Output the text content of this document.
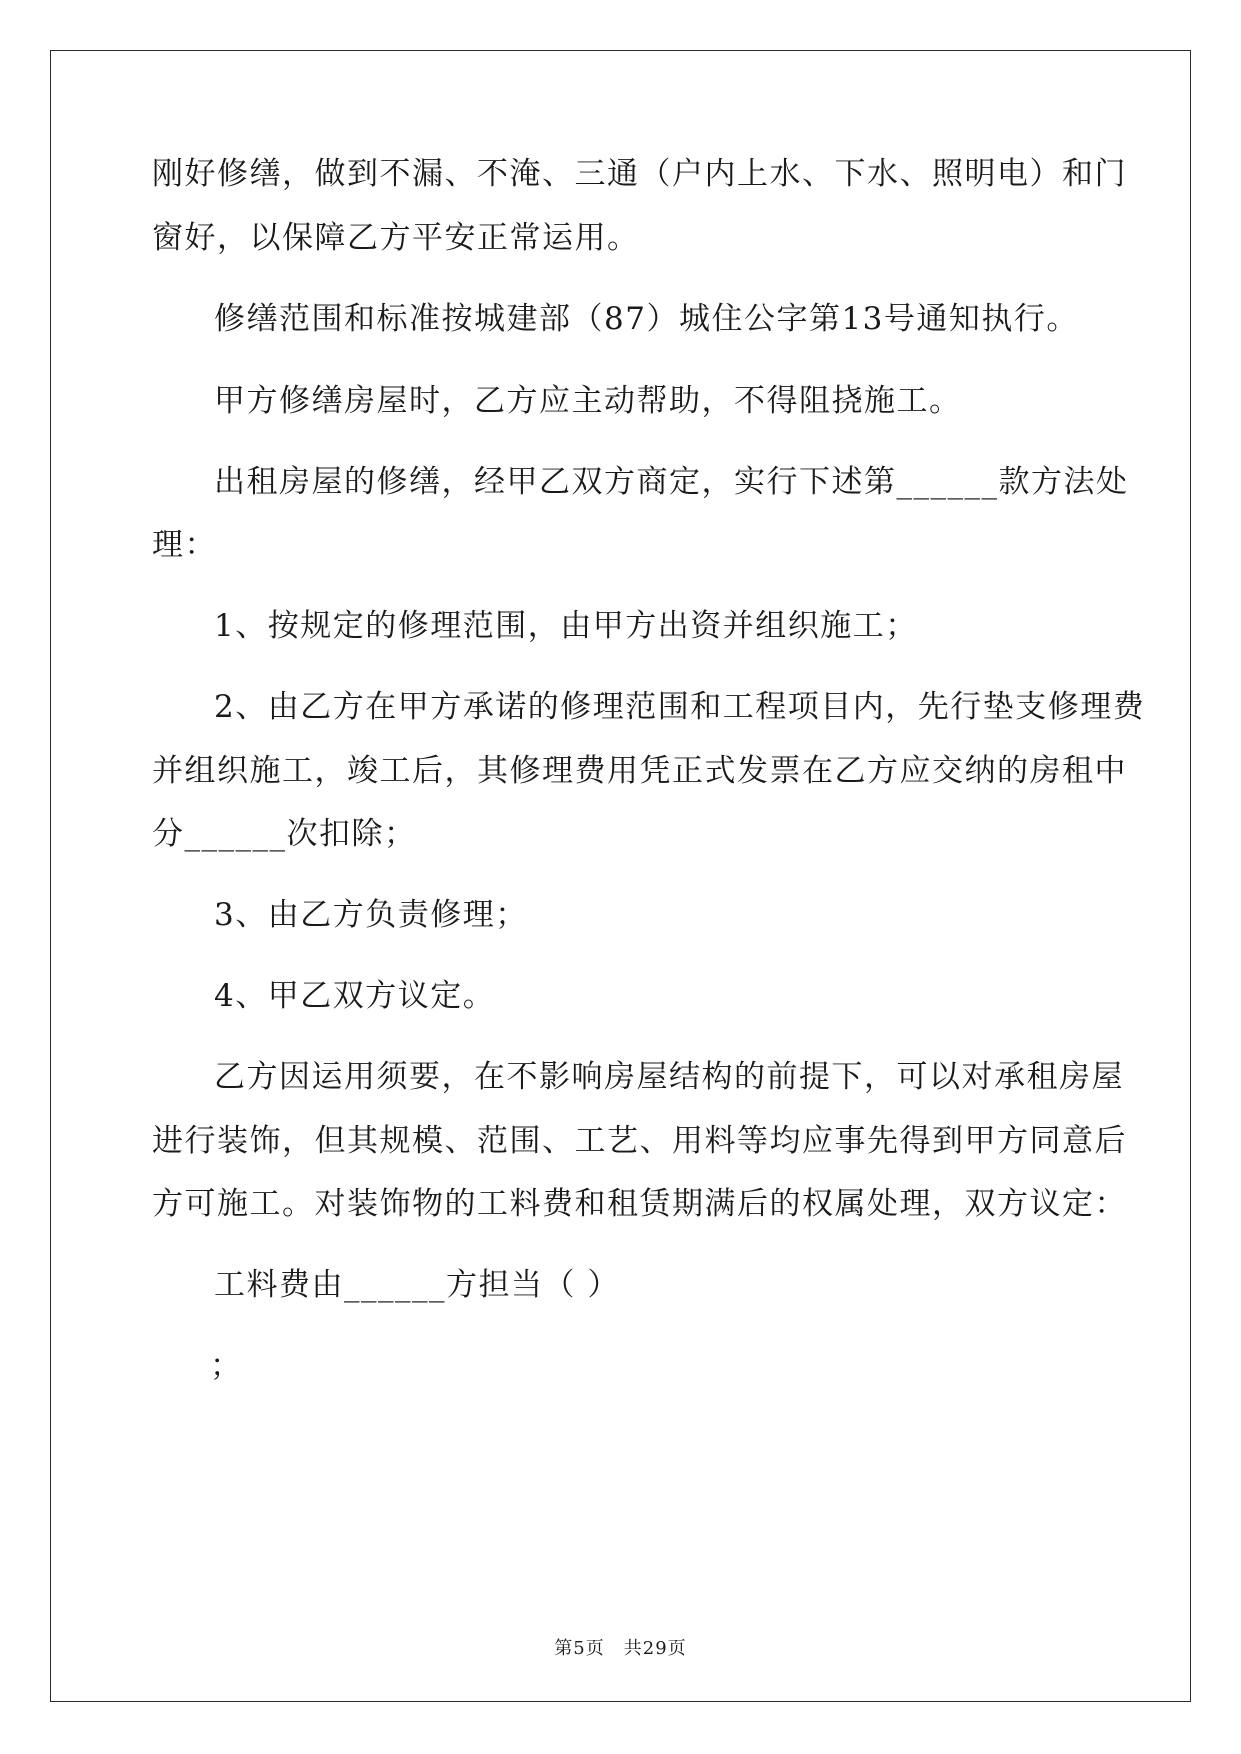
刚好修缮，做到不漏、不淹、三通（户内上水、下水、照明电）和门
窗好，以保障乙方平安正常运用。
修缮范围和标准按城建部（87）城住公字第13号通知执行。
甲方修缮房屋时，乙方应主动帮助，不得阻挠施工。
出租房屋的修缮，经甲乙双方商定，实行下述第______款方法处
理：
1、按规定的修理范围，由甲方出资并组织施工；
2、由乙方在甲方承诺的修理范围和工程项目内，先行垫支修理费
并组织施工，竣工后，其修理费用凭正式发票在乙方应交纳的房租中
分______次扣除；
3、由乙方负责修理；
4、甲乙双方议定。
乙方因运用须要，在不影响房屋结构的前提下，可以对承租房屋
进行装饰，但其规模、范围、工艺、用料等均应事先得到甲方同意后
方可施工。对装饰物的工料费和租赁期满后的权属处理，双方议定：
工料费由______方担当（ ）
；
第5页　共29页
